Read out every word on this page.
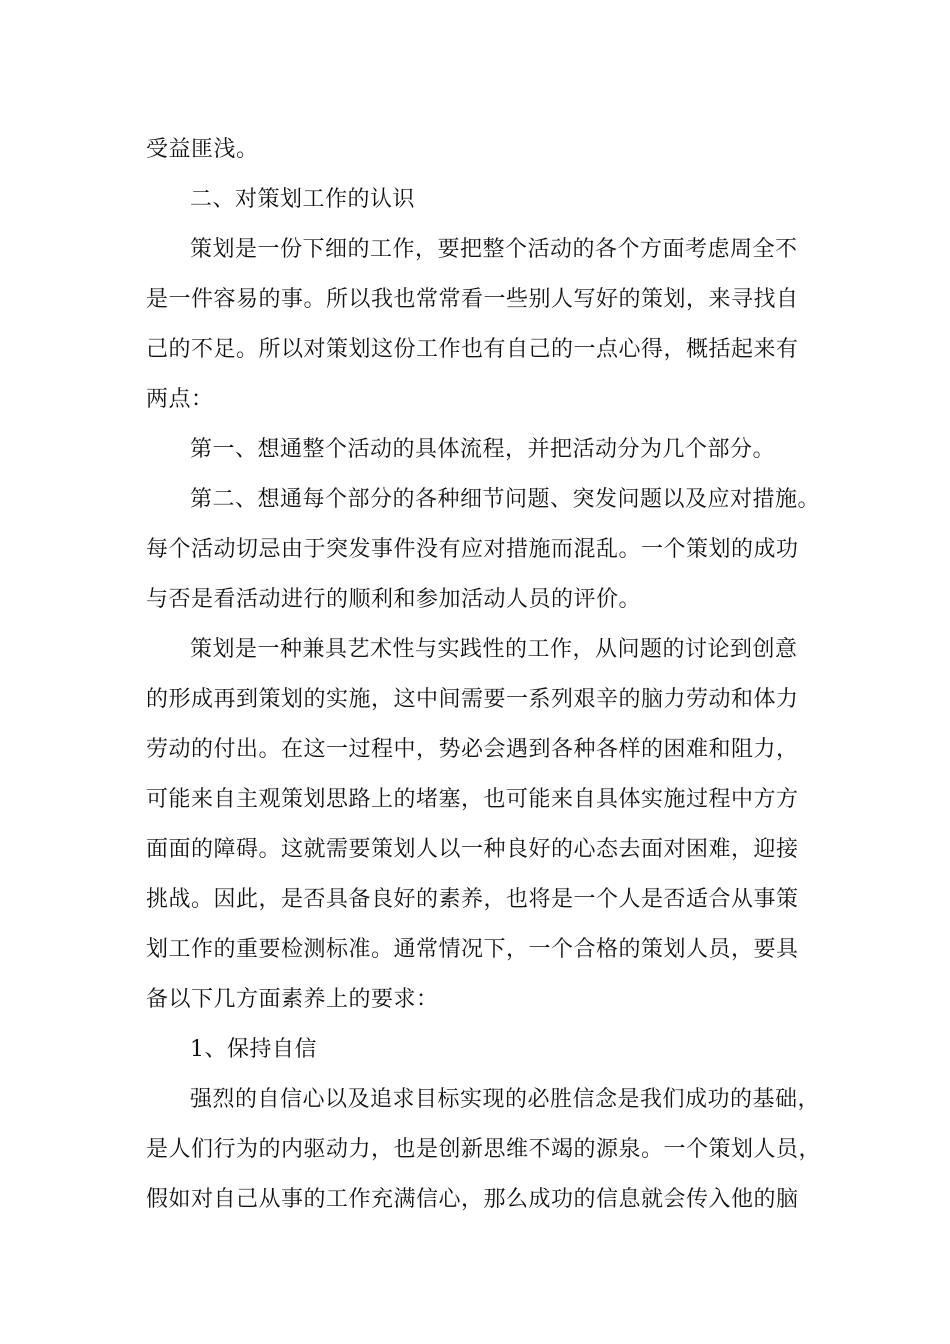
受益匪浅。
二、对策划工作的认识
策划是一份下细的工作，要把整个活动的各个方面考虑周全不
是一件容易的事。所以我也常常看一些别人写好的策划，来寻找自
己的不足。所以对策划这份工作也有自己的一点心得，概括起来有
两点：
第一、想通整个活动的具体流程，并把活动分为几个部分。
第二、想通每个部分的各种细节问题、突发问题以及应对措施。
每个活动切忌由于突发事件没有应对措施而混乱。一个策划的成功
与否是看活动进行的顺利和参加活动人员的评价。
策划是一种兼具艺术性与实践性的工作，从问题的讨论到创意
的形成再到策划的实施，这中间需要一系列艰辛的脑力劳动和体力
劳动的付出。在这一过程中，势必会遇到各种各样的困难和阻力，
可能来自主观策划思路上的堵塞，也可能来自具体实施过程中方方
面面的障碍。这就需要策划人以一种良好的心态去面对困难，迎接
挑战。因此，是否具备良好的素养，也将是一个人是否适合从事策
划工作的重要检测标准。通常情况下，一个合格的策划人员，要具
备以下几方面素养上的要求：
1、保持自信
强烈的自信心以及追求目标实现的必胜信念是我们成功的基础，
是人们行为的内驱动力，也是创新思维不竭的源泉。一个策划人员，
假如对自己从事的工作充满信心，那么成功的信息就会传入他的脑
